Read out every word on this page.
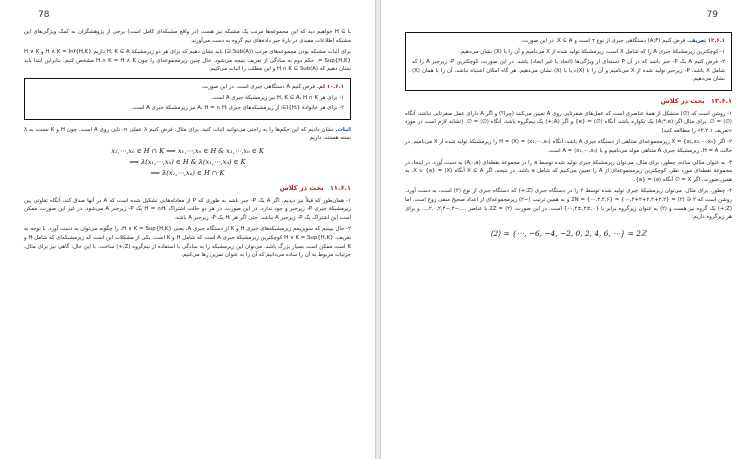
78

H ⊆ L خواهیم دید که این مجموعه‌ها مرتب یک مشبکه نیز هست (در واقع مشبکه‌ای کامل است) برخی از پژوهشگران به کمک ویژگی‌های این مشبکه اطلاعات مفیدی در بارهٔ جبر داده‌های نیم گروه به دست می‌آورند.

برای اثبات مشبکه بودن مجموعه‌های مرتب (Sub(A),⊆) باید نشان دهیم که برای هر دو زیرمشبکهٔ H, K ⊆ A داریم H ∧ K = Inf{H,K} و H ∨ K = Sup{H,K}. حکم دوم به سادگی از تعریف نتیجه می‌شود. حال چنین زیرمجموعه‌ای را چون H ∩ K = H ∧ K مشخص کنیم. بنابراین ابتدا باید نشان دهیم که H ∩ K ⊆ Sub(A) و این مطلب را اثبات می‌کنیم.

۱۰.۶.۱ لم. فرض کنیم A دستگاهی جبری است. در این صورت،
۱- برای هر H, K ⊆ A، H ∩ K نیز زیرمشبکهٔ جبری A است.
۲- برای هر خانوادهٔ {Hᵢ}ᵢ∈I از زیرمشبکه‌های جبری A، H = ∩ Hᵢ نیز زیرمشبکهٔ جبری A است.

اثبات. نشان دادیم که این حکم‌ها را به راحتی می‌توانید اثبات کنید. برای مثال، فرض کنیم λ عملی n- تایی روی A است. چون H و K نسبت به λ بسته هستند، داریم

x₁,⋯,xₙ ∈ H ∩ K ⟹ x₁,⋯,xₙ ∈ H & x₁,⋯,xₙ ∈ K
⟹ λ(x₁,⋯,xₙ) ∈ H & λ(x₁,⋯,xₙ) ∈ K
⟹ λ(x₁,⋯,xₙ) ∈ H ∩ K
۱۱.۶.۱ بحث در کلاس

۱- همان‌طور که قبلاً نیز دیدیم، اگر A یک P- جبر باشد به طوری که P از معادله‌هایی تشکیل شده است که A در آنها صدق کند، آنگاه تفاوتی بین زیرمشبکهٔ جبری P- زیرجبر و جود ندارد. در این صورت، در هر دو حالت اشتراک H = ∩Hᵢ یک P- زیرجبر A می‌شود. در غیر این صورت، ممکن است این اشتراک یک P- زیرجبر A نباشد. حتی اگر هر Hᵢ یک P- زیرجبر A باشد.

۲- حال بیینیم که سوپریمم زیرمشبکه‌های جبری H و K از دستگاه جبری A، یعنی H ∨ K = Sup{H,K}، را چگونه می‌توان به دست آورد. با توجه به تعریف، H ∨ K = Sup{H,K} کوچکترین زیرمشبکهٔ جبری A است که شامل H و K است. یکی از مشکلات این است که زیرمشبکه‌ای که شامل H و K است ممکن است بسیار بزرگ باشد. می‌توان این زیرمشبکه را به سادگی با استفاده از نیم‌گروه (Z,+) ساخت. با این حال، گاهی نیز برای مثال، جزئیات مربوط به آن را ساده می‌دانیم که آن را به عنوان تمرین رها می‌کنیم.

79
۱۲.۶.۱ تعریف. فرض کنیم (A;F) دستگاهی جبری از نوع τ است و X ⊆ A. در این صورت،
۱- کوچکترین زیرمشبکهٔ جبری A را که شامل X است، زیرمشبکهٔ تولید شده از X می‌نامیم و آن را با ⟨X⟩ نشان می‌دهیم.
۲- فرض کنیم A یک P- جبر باشد که در آن P دسته‌ای از ویژگی‌ها (اتحاد یا غیر اتحاد) باشد. در این صورت، کوچکترین P- زیرجبر A را که شامل X باشد، P- زیرجبر تولید شده از X می‌نامیم و آن را با ⟨X⟩ₚ یا با ⟨X⟩ نشان می‌دهیم. هر گاه امکان اشتباه نباشد، آن را با همان ⟨X⟩ نشان می‌دهیم.
۱۳.۶.۱ بحث در کلاس

۱- روشن است که ⟨∅⟩ متشکل از همهٔ عناصری است که عمل‌های صفرتایی روی A تعیین می‌کنند (چرا؟) و اگر A دارای عمل صفرتایی نباشد، آنگاه ⟨∅⟩ = ∅. برای مثال اگر (A;*,e) یک تکواره باشد، آنگاه ⟨∅⟩ = {e} و اگر (A;+) یک نیم‌گروه باشد، آنگاه ⟨∅⟩ = ∅. (تشابه لازم است در مورد «تعریف ۲.۲.۱» را مطالعه کنید)

۲- اگر X = {x₁,x₂,⋯,xₙ} زیرمجموعه‌ای متناهی از دستگاه جبری A باشد، آنگاه H = ⟨X⟩ = ⟨x₁,⋯,xₙ⟩ را زیرمشبکهٔ تولید شده از X می‌نامیم. در حالت H = A، زیرمشبکهٔ جبری A متناهی مولد می‌نامیم و یا A = ⟨x₁,⋯,xₙ⟩ است.

۳- به عنوان مثالی ساده، چطور، برای مثال، می‌توان زیرمشبکهٔ جبری تولید شده توسط a را در مجموعهٔ نقطه‌ای (A;·,a) به دست آورد. در اینجا، در مجموعهٔ نقطه‌ای مورد نظر، کوچکترین زیرمجموعه‌ای از A را تعیین می‌کنیم که شامل a باشد. در نتیجه، اگر X ⊆ A آنگاه ⟨X⟩ = X ∪ {a}. به همین صورت، اگر X = ∅ آنگاه ⟨a⟩ = {a}.

۴- چطور، برای مثال، می‌توان زیرمشبکهٔ جبری تولید شده توسط ۲ را در دستگاه جبری (Z;+) که دستگاه جبری از نوع (۲) است، به دست آورد. روشن است که ۲ ∈ ⟨۲⟩ = {۲,۲+۲,۲+۲+۲,⋯} = {۲,۴,۶,⋯} = 2N و به همین ترتیب ⟨−۲⟩ زیرمجموعه‌ای از اعداد صحیح منفی زوج است. اما (Z;+) یک گروه نیز هست و ⟨۲⟩ به عنوان زیرگروه برابر با {۰,±۲,±۴,⋯} است. در این صورت، ⟨۲⟩ = 2Z با عناصر …,−۴,−۲,۰,۲,۴,… و برای هر زیرگروه داریم:

⟨2⟩ = {⋯, −6, −4, −2, 0, 2, 4, 6, ⋯} = 2ℤ
